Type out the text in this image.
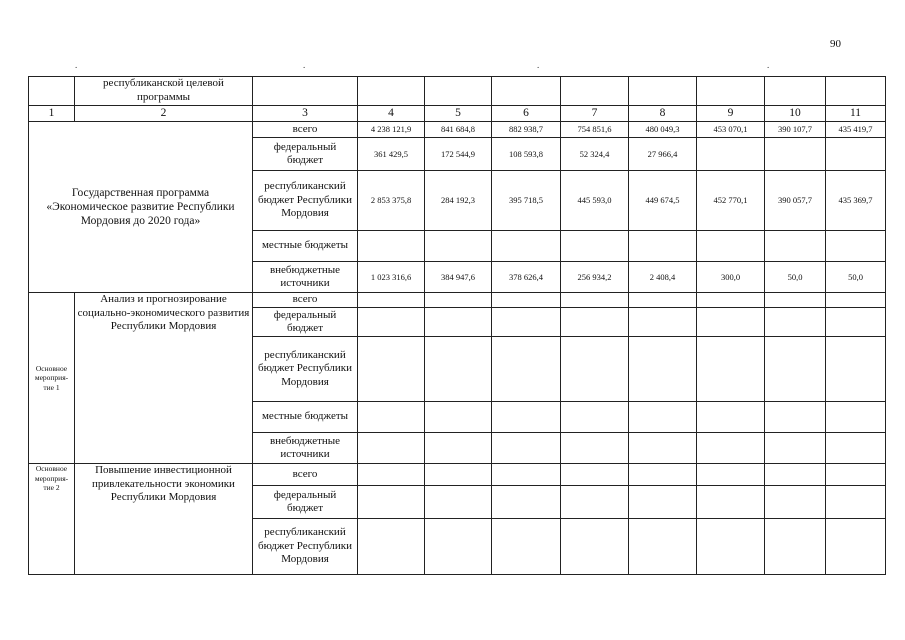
90
.	.	.	.
	республиканской целевой программы									
1	2	3	4	5	6	7	8	9	10	11
Государственная программа «Экономическое развитие Республики Мордовия до 2020 года»		всего	4 238 121,9	841 684,8	882 938,7	754 851,6	480 049,3	453 070,1	390 107,7	435 419,7
		федеральный бюджет	361 429,5	172 544,9	108 593,8	52 324,4	27 966,4			
		республиканский бюджет Республики Мордовия	2 853 375,8	284 192,3	395 718,5	445 593,0	449 674,5	452 770,1	390 057,7	435 369,7
		местные бюджеты								
		внебюджетные источники	1 023 316,6	384 947,6	378 626,4	256 934,2	2 408,4	300,0	50,0	50,0
Основное мероприя-тие 1	Анализ и прогнозирование социально-экономического развития Республики Мордовия	всего								
		федеральный бюджет								
		республиканский бюджет Республики Мордовия								
		местные бюджеты								
		внебюджетные источники								
Основное мероприя-тие 2	Повышение инвестиционной привлекательности экономики Республики Мордовия	всего								
		федеральный бюджет								
		республиканский бюджет Республики Мордовия								
